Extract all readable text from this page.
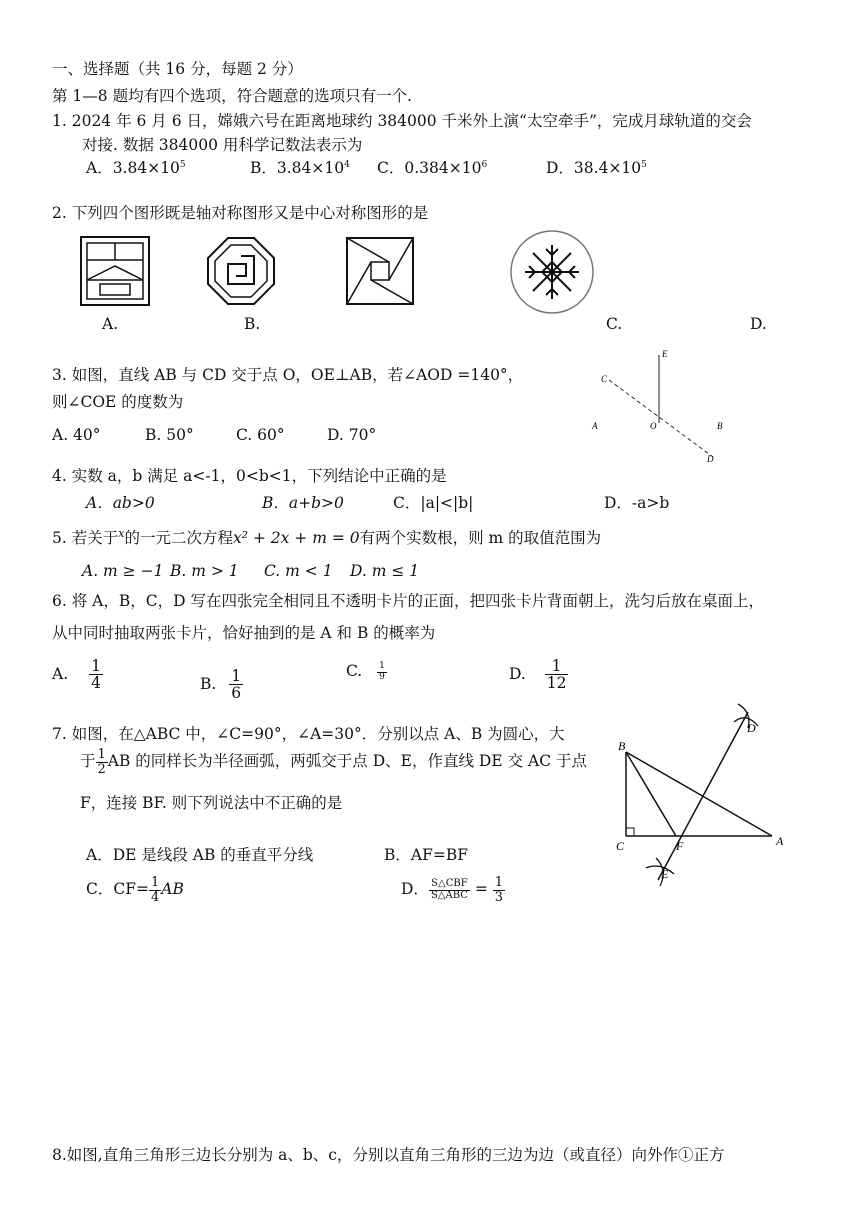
一、选择题（共 16 分，每题 2 分）
第 1—8 题均有四个选项，符合题意的选项只有一个.
1. 2024 年 6 月 6 日，嫦娥六号在距离地球约 384000 千米外上演“太空牵手”，完成月球轨道的交会
对接. 数据 384000 用科学记数法表示为
A．$3.84\times 10^5$	B．$3.84\times 10^4$ C．$0.384\times 10^6$	D．$38.4\times 10^5$
2. 下列四个图形既是轴对称图形又是中心对称图形的是
A.	B.	C.	D.
3. 如图，直线 AB 与 CD 交于点 O，OE⊥AB，若∠AOD =140°，
则∠COE 的度数为
A. 40°	B. 50°	C. 60°	D. 70°
E
C
A	O	B
D
4. 实数 a，b 满足 a<-1，0<b<1，下列结论中正确的是
A．ab>0	B．a+b>0	C．|a|<|b|	D．-a>b
5. 若关于$^x$的一元二次方程x² + 2x + m = 0有两个实数根，则 m 的取值范围为
A. m ≥ −1 B. m > 1 C. m < 1 D. m ≤ 1
6. 将 A，B，C，D 写在四张完全相同且不透明卡片的正面，把四张卡片背面朝上，洗匀后放在桌面上，
从中同时抽取两张卡片，恰好抽到的是 A 和 B 的概率为
A. $\frac{1}{4}$	B. $\frac{1}{6}$	C. $\frac{1}{9}$	D. $\frac{1}{12}$
7. 如图，在△ABC 中，∠C=90°，∠A=30°．分别以点 A、B 为圆心，大
于 $\frac{1}{2}$ AB 的同样长为半径画弧，两弧交于点 D、E，作直线 DE 交 AC 于点
F，连接 BF. 则下列说法中不正确的是
A．DE 是线段 AB 的垂直平分线	B．AF=BF
C．$CF= \frac{1}{4}$ AB	D． $\frac{\text{S△CBF}}{\text{S△ABC}} = \frac{1}{3}$
B
C	F	A
D
E
8.如图,直角三角形三边长分别为 a、b、c，分别以直角三角形的三边为边（或直径）向外作①正方
